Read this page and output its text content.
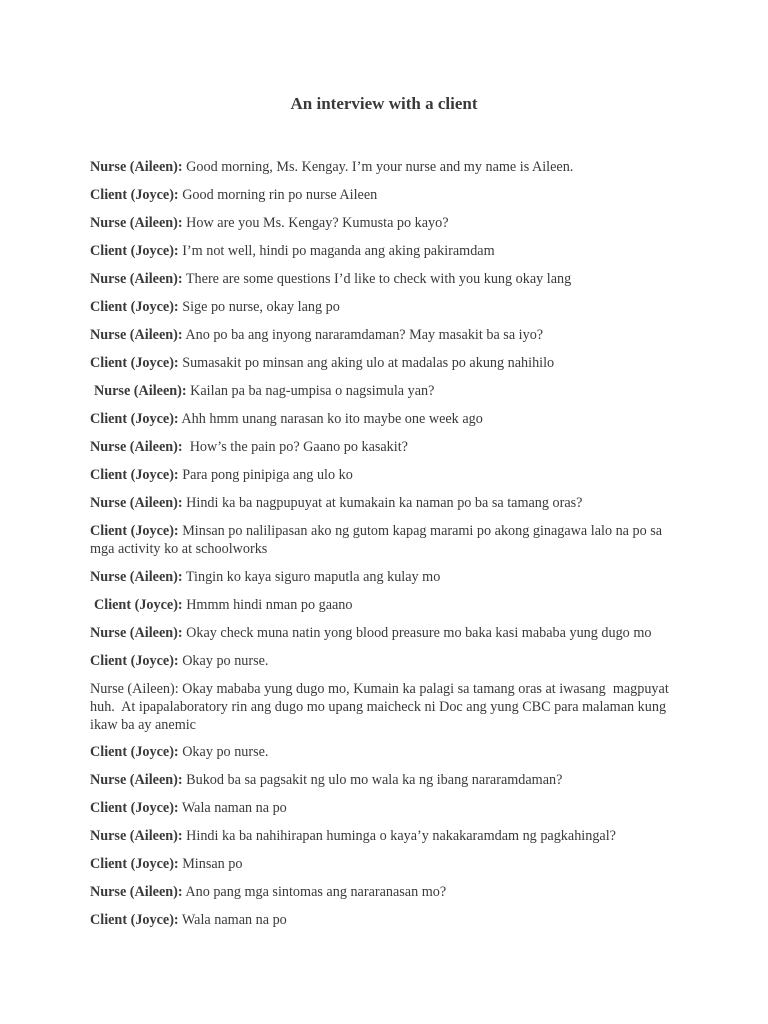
An interview with a client

Nurse (Aileen): Good morning, Ms. Kengay. I’m your nurse and my name is Aileen.

Client (Joyce): Good morning rin po nurse Aileen

Nurse (Aileen): How are you Ms. Kengay? Kumusta po kayo?

Client (Joyce): I’m not well, hindi po maganda ang aking pakiramdam

Nurse (Aileen): There are some questions I’d like to check with you kung okay lang

Client (Joyce): Sige po nurse, okay lang po

Nurse (Aileen): Ano po ba ang inyong nararamdaman? May masakit ba sa iyo?

Client (Joyce): Sumasakit po minsan ang aking ulo at madalas po akung nahihilo

Nurse (Aileen): Kailan pa ba nag-umpisa o nagsimula yan?

Client (Joyce): Ahh hmm unang narasan ko ito maybe one week ago

Nurse (Aileen):  How’s the pain po? Gaano po kasakit?

Client (Joyce): Para pong pinipiga ang ulo ko

Nurse (Aileen): Hindi ka ba nagpupuyat at kumakain ka naman po ba sa tamang oras?

Client (Joyce): Minsan po nalilipasan ako ng gutom kapag marami po akong ginagawa lalo na po sa mga activity ko at schoolworks

Nurse (Aileen): Tingin ko kaya siguro maputla ang kulay mo

Client (Joyce): Hmmm hindi nman po gaano

Nurse (Aileen): Okay check muna natin yong blood preasure mo baka kasi mababa yung dugo mo

Client (Joyce): Okay po nurse.

Nurse (Aileen): Okay mababa yung dugo mo, Kumain ka palagi sa tamang oras at iwasang  magpuyat huh.  At ipapalaboratory rin ang dugo mo upang maicheck ni Doc ang yung CBC para malaman kung ikaw ba ay anemic

Client (Joyce): Okay po nurse.

Nurse (Aileen): Bukod ba sa pagsakit ng ulo mo wala ka ng ibang nararamdaman?

Client (Joyce): Wala naman na po

Nurse (Aileen): Hindi ka ba nahihirapan huminga o kaya’y nakakaramdam ng pagkahingal?

Client (Joyce): Minsan po

Nurse (Aileen): Ano pang mga sintomas ang nararanasan mo?

Client (Joyce): Wala naman na po
